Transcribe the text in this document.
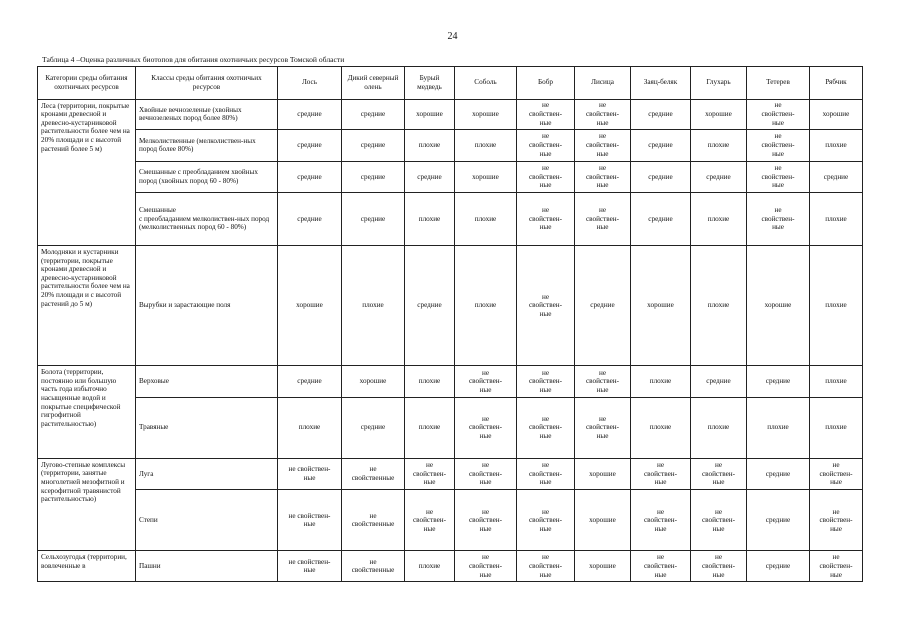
24
Таблица 4 –Оценка различных биотопов для обитания охотничьих ресурсов Томской области
Категории среды обитания охотничьих ресурсов	Классы среды обитания охотничьих ресурсов	Лось	Дикий северный олень	Бурый медведь	Соболь	Бобр	Лисица	Заяц-беляк	Глухарь	Тетерев	Рябчик
Леса (территории, покрытые кронами древесной и древесно-кустарниковой растительности более чем на 20% площади и с высотой растений более 5 м)	Хвойные вечнозеленые (хвойных вечнозеленых пород более 80%)	средние	средние	хорошие	хорошие	не
свойствен-
ные	не
свойствен-
ные	средние	хорошие	не
свойствен-
ные	хорошие
	Мелколиственные (мелколиствен-ных пород более 80%)	средние	средние	плохие	плохие	не
свойствен-
ные	не
свойствен-
ные	средние	плохие	не
свойствен-
ные	плохие
	Смешанные с преобладанием хвойных пород (хвойных пород 60 - 80%)	средние	средние	средние	хорошие	не
свойствен-
ные	не
свойствен-
ные	средние	средние	не
свойствен-
ные	средние
	Смешанные
с преобладанием мелколиствен-ных пород
(мелколиственных пород 60 - 80%)	средние	средние	плохие	плохие	не
свойствен-
ные	не
свойствен-
ные	средние	плохие	не
свойствен-
ные	плохие
Молодняки и кустарники (территории, покрытые кронами древесной и древесно-кустарниковой растительности более чем на 20% площади и с высотой растений до 5 м)	Вырубки и зарастающие поля	хорошие	плохие	средние	плохие	не
свойствен-
ные	средние	хорошие	плохие	хорошие	плохие
Болота (территории, постоянно или большую часть года избыточно насыщенные водой и покрытые специфической гигрофитной растительностью)	Верховые	средние	хорошие	плохие	не
свойствен-
ные	не
свойствен-
ные	не
свойствен-
ные	плохие	средние	средние	плохие
	Травяные	плохие	средние	плохие	не
свойствен-
ные	не
свойствен-
ные	не
свойствен-
ные	плохие	плохие	плохие	плохие
Лугово-степные комплексы (территории, занятые многолетней мезофитной и ксерофитной травянистой растительностью)	Луга	не свойствен-
ные	не
свойственные	не
свойствен-
ные	не
свойствен-
ные	не
свойствен-
ные	хорошие	не
свойствен-
ные	не
свойствен-
ные	средние	не
свойствен-
ные
	Степи	не свойствен-
ные	не
свойственные	не
свойствен-
ные	не
свойствен-
ные	не
свойствен-
ные	хорошие	не
свойствен-
ные	не
свойствен-
ные	средние	не
свойствен-
ные
Сельхозугодья (территории, вовлеченные в	Пашни	не свойствен-
ные	не
свойственные	плохие	не
свойствен-
ные	не
свойствен-
ные	хорошие	не
свойствен-
ные	не
свойствен-
ные	средние	не
свойствен-
ные
